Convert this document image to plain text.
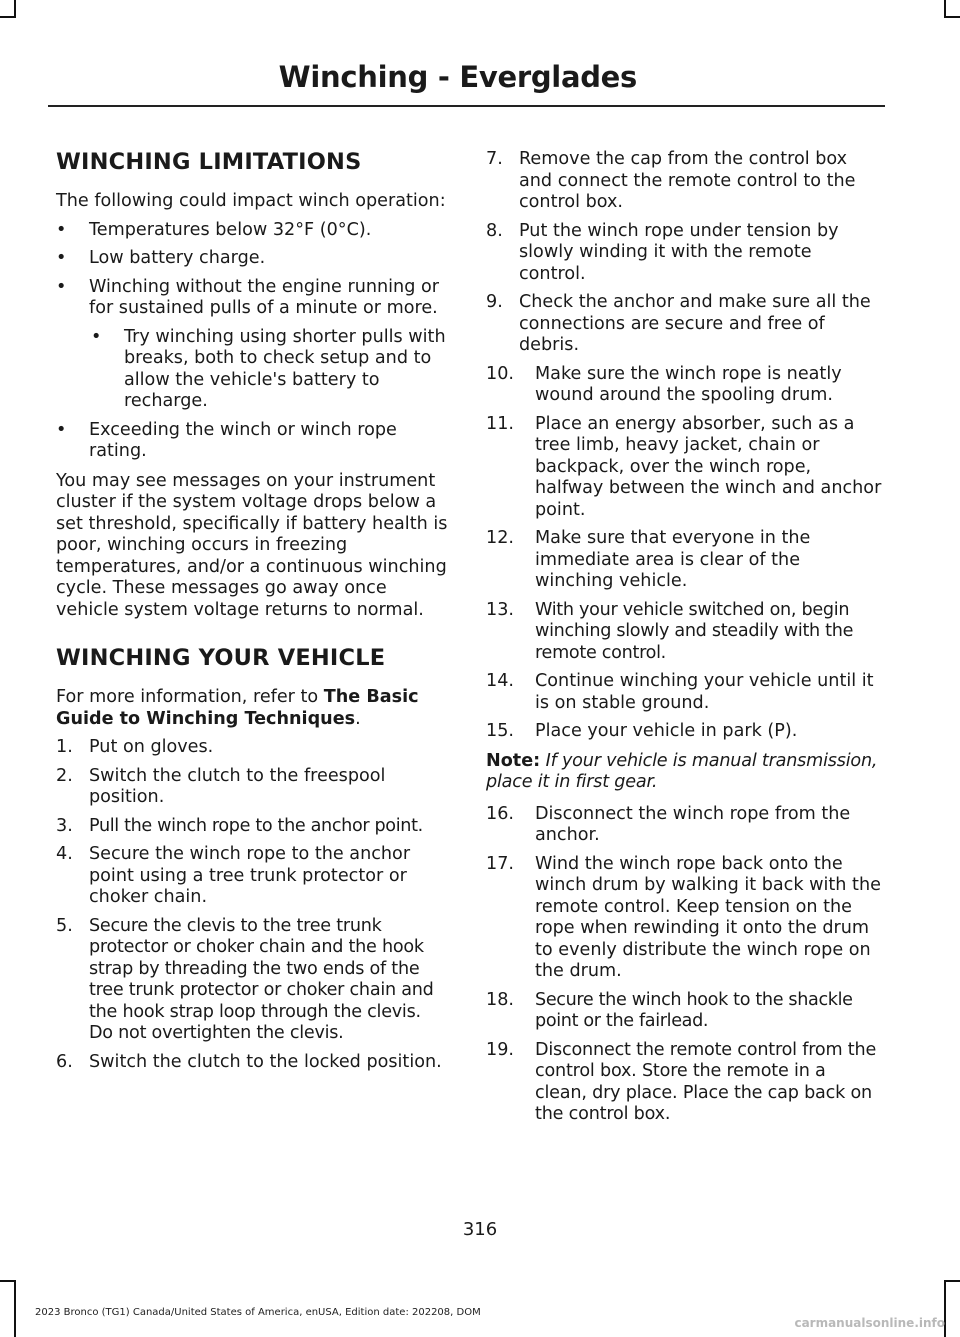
Winching - Everglades
WINCHING LIMITATIONS

The following could impact winch operation:

• Temperatures below 32°F (0°C).
• Low battery charge.
• Winching without the engine running or for sustained pulls of a minute or more.
• Try winching using shorter pulls with breaks, both to check setup and to allow the vehicle's battery to recharge.
• Exceeding the winch or winch rope rating.

You may see messages on your instrument cluster if the system voltage drops below a set threshold, specifically if battery health is poor, winching occurs in freezing temperatures, and/or a continuous winching cycle. These messages go away once vehicle system voltage returns to normal.

WINCHING YOUR VEHICLE

For more information, refer to The Basic Guide to Winching Techniques.

1. Put on gloves.
2. Switch the clutch to the freespool position.
3. Pull the winch rope to the anchor point.
4. Secure the winch rope to the anchor point using a tree trunk protector or choker chain.
5. Secure the clevis to the tree trunk protector or choker chain and the hook strap by threading the two ends of the tree trunk protector or choker chain and the hook strap loop through the clevis. Do not overtighten the clevis.
6. Switch the clutch to the locked position.
7. Remove the cap from the control box and connect the remote control to the control box.
8. Put the winch rope under tension by slowly winding it with the remote control.
9. Check the anchor and make sure all the connections are secure and free of debris.
10. Make sure the winch rope is neatly wound around the spooling drum.
11. Place an energy absorber, such as a tree limb, heavy jacket, chain or backpack, over the winch rope, halfway between the winch and anchor point.
12. Make sure that everyone in the immediate area is clear of the winching vehicle.
13. With your vehicle switched on, begin winching slowly and steadily with the remote control.
14. Continue winching your vehicle until it is on stable ground.
15. Place your vehicle in park (P).

Note: If your vehicle is manual transmission, place it in first gear.

16. Disconnect the winch rope from the anchor.
17. Wind the winch rope back onto the winch drum by walking it back with the remote control. Keep tension on the rope when rewinding it onto the drum to evenly distribute the winch rope on the drum.
18. Secure the winch hook to the shackle point or the fairlead.
19. Disconnect the remote control from the control box. Store the remote in a clean, dry place. Place the cap back on the control box.
316
2023 Bronco (TG1) Canada/United States of America, enUSA, Edition date: 202208, DOM
carmanualsonline.info
